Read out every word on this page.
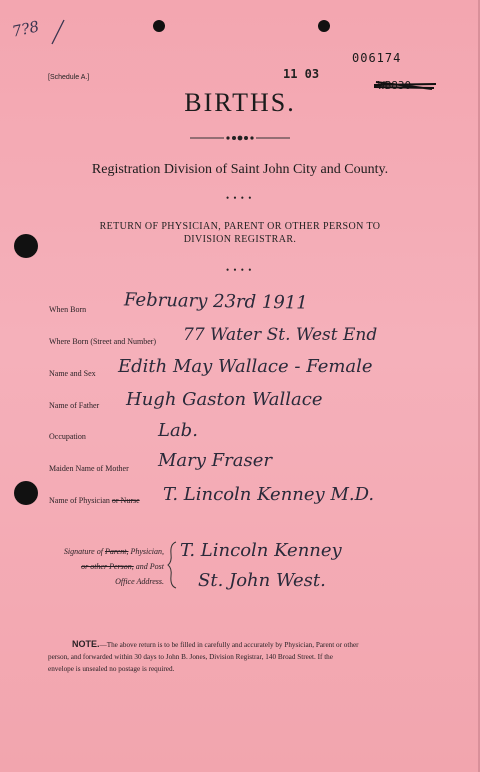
7?8
006174
WB830
[Schedule A.]	11 03
BIRTHS.
Registration Division of Saint John City and County.
• • • •
RETURN OF PHYSICIAN, PARENT OR OTHER PERSON TO
DIVISION REGISTRAR.
• • • •
When Born February 23rd 1911
Where Born (Street and Number) 77 Water St. West End
Name and Sex Edith May Wallace - Female
Name of Father Hugh Gaston Wallace
Occupation	Lab.
Maiden Name of Mother Mary Fraser
Name of Physician or Nurse T. Lincoln Kenney M.D.
Signature of Parent, Physician,
or other Person, and Post
Office Address.
T. Lincoln Kenney
St. John West.
NOTE.—The above return is to be filled in carefully and accurately by Physician, Parent or other
person, and forwarded within 30 days to John B. Jones, Division Registrar, 140 Broad Street. If the
envelope is unsealed no postage is required.
